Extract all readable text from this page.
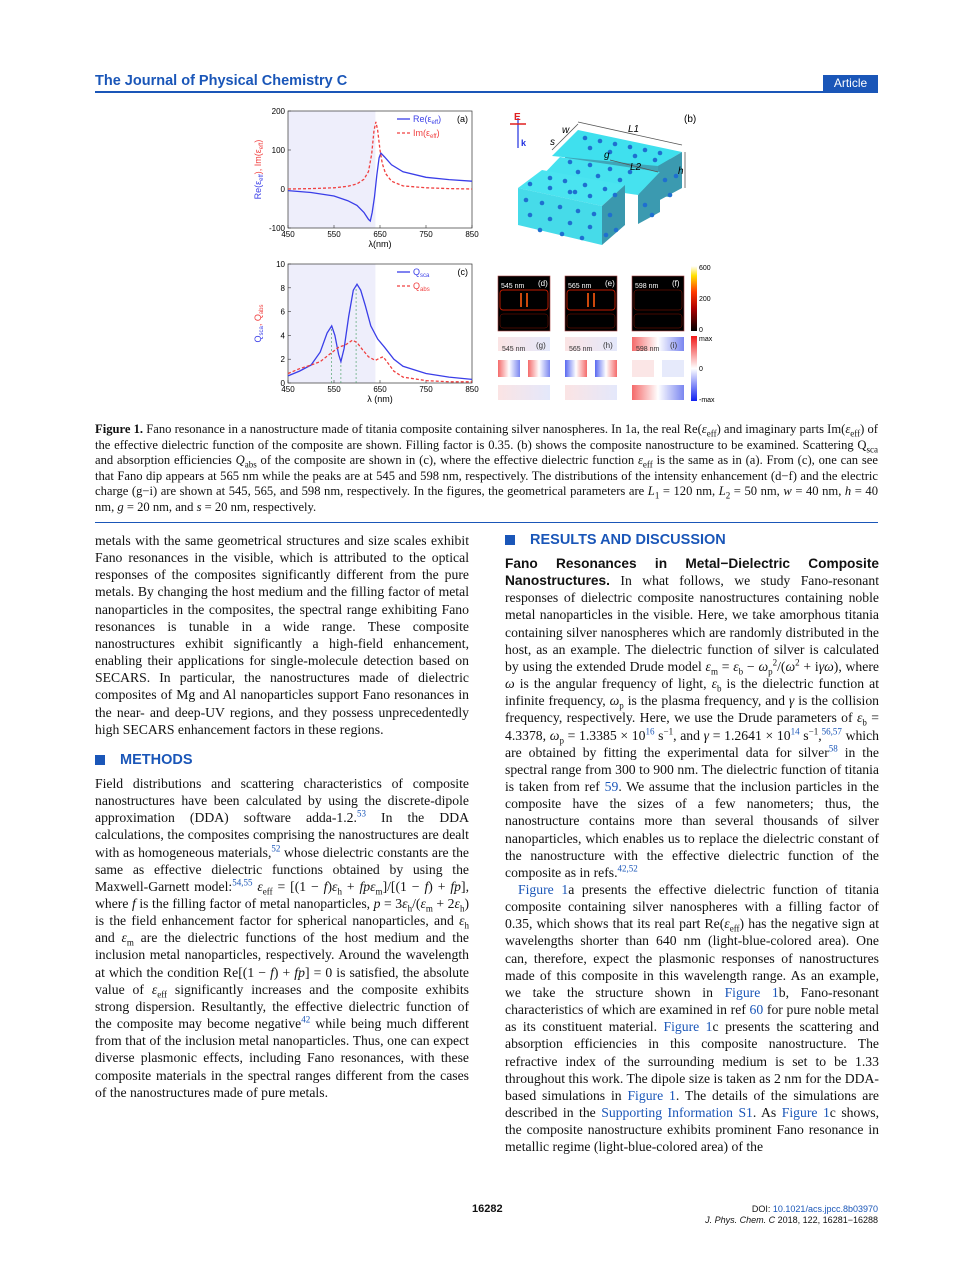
The Journal of Physical Chemistry C	Article
450	550	650	750	850
-100
0
100
200
λ(nm)
$Re(\varepsilon_{eff})$, $Im(\varepsilon_{eff})$
$Re(\varepsilon_{eff})$
$Im(\varepsilon_{eff})$
(a)
450	550	650	750	850
0
2
4
6
8
10
λ (nm)
$Q_{sca}$, $Q_{abs}$
$Q_{sca}$
$Q_{abs}$
(c)
E
k
w
s
L1
L2
g
h
(b)
545 nm (d)	565 nm (e)	598 nm (f)
545 nm (g)	565 nm (h)	598 nm (i)
600
200
0
max
0
-max
Figure 1. Fano resonance in a nanostructure made of titania composite containing silver nanospheres. In 1a, the real $Re(\varepsilon_{eff})$ and imaginary parts $Im(\varepsilon_{eff})$ of the effective dielectric function of the composite are shown. Filling factor is 0.35. (b) shows the composite nanostructure to be examined. Scattering $Q_{sca}$ and absorption efficiencies $Q_{abs}$ of the composite are shown in (c), where the effective dielectric function $\varepsilon_{eff}$ is the same as in (a). From (c), one can see that Fano dip appears at 565 nm while the peaks are at 545 and 598 nm, respectively. The distributions of the intensity enhancement (d−f) and the electric charge (g−i) are shown at 545, 565, and 598 nm, respectively. In the figures, the geometrical parameters are $L_1 = 120$ nm, $L_2 = 50$ nm, w = 40 nm, h = 40 nm, g = 20 nm, and s = 20 nm, respectively.

metals with the same geometrical structures and size scales exhibit Fano resonances in the visible, which is attributed to the optical responses of the composites significantly different from the pure metals. By changing the host medium and the filling factor of metal nanoparticles in the composites, the spectral range exhibiting Fano resonances is tunable in a wide range. These composite nanostructures exhibit significantly a high-field enhancement, enabling their applications for single-molecule detection based on SECARS. In particular, the nanostructures made of dielectric composites of Mg and Al nanoparticles support Fano resonances in the near- and deep-UV regions, and they possess unprecedentedly high SECARS enhancement factors in these regions.

METHODS

Field distributions and scattering characteristics of composite nanostructures have been calculated by using the discrete-dipole approximation (DDA) software adda-1.2.53 In the DDA calculations, the composites comprising the nanostructures are dealt with as homogeneous materials,$^{52}$ whose dielectric constants are the same as effective dielectric functions obtained by using the Maxwell-Garnett model:$^{54,55}$ $\varepsilon_{eff} = [(1 - f)\varepsilon_h + fp\varepsilon_m]/[(1 - f) + fp]$, where f is the filling factor of metal nanoparticles, $p = 3\varepsilon_h/(\varepsilon_m + 2\varepsilon_h)$ is the field enhancement factor for spherical nanoparticles, and $\varepsilon_h$ and $\varepsilon_m$ are the dielectric functions of the host medium and the inclusion metal nanoparticles, respectively. Around the wavelength at which the condition Re[(1 − f) + fp] = 0 is satisfied, the absolute value of $\varepsilon_{eff}$ significantly increases and the composite exhibits strong dispersion. Resultantly, the effective dielectric function of the composite may become negative$^{42}$ while being much different from that of the inclusion metal nanoparticles. Thus, one can expect diverse plasmonic effects, including Fano resonances, with these composite materials in the spectral ranges different from the cases of the nanostructures made of pure metals.

RESULTS AND DISCUSSION

Fano Resonances in Metal−Dielectric Composite Nanostructures. In what follows, we study Fano-resonant responses of dielectric composite nanostructures containing noble metal nanoparticles in the visible. Here, we take amorphous titania containing silver nanospheres which are randomly distributed in the host, as an example. The dielectric function of silver is calculated by using the extended Drude model $\varepsilon_m = \varepsilon_b - \omega_p^2/(\omega^2 + i\gamma\omega)$, where ω is the angular frequency of light, $\varepsilon_b$ is the dielectric function at infinite frequency, $\omega_p$ is the plasma frequency, and γ is the collision frequency, respectively. Here, we use the Drude parameters of $\varepsilon_b = 4.3378$, $\omega_p = 1.3385 \times 10^{16}$ $s^{-1}$, and $\gamma = 1.2641 \times 10^{14}$ $s^{-1},^{56,57}$ which are obtained by fitting the experimental data for silver$^{58}$ in the spectral range from 300 to 900 nm. The dielectric function of titania is taken from ref 59. We assume that the inclusion particles in the composite have the sizes of a few nanometers; thus, the nanostructure contains more than several thousands of silver nanoparticles, which enables us to replace the dielectric constant of the nanostructure with the effective dielectric function of the composite as in refs.$^{42,52}$

Figure 1a presents the effective dielectric function of titania composite containing silver nanospheres with a filling factor of 0.35, which shows that its real part $Re(\varepsilon_{eff})$ has the negative sign at wavelengths shorter than 640 nm (light-blue-colored area). One can, therefore, expect the plasmonic responses of nanostructures made of this composite in this wavelength range. As an example, we take the structure shown in Figure 1b, Fano-resonant characteristics of which are examined in ref 60 for pure noble metal as its constituent material. Figure 1c presents the scattering and absorption efficiencies in this composite nanostructure. The refractive index of the surrounding medium is set to be 1.33 throughout this work. The dipole size is taken as 2 nm for the DDA-based simulations in Figure 1. The details of the simulations are described in the Supporting Information S1. As Figure 1c shows, the composite nanostructure exhibits prominent Fano resonance in metallic regime (light-blue-colored area) of the

16282	DOI: 10.1021/acs.jpcc.8b03970
J. Phys. Chem. C 2018, 122, 16281−16288
